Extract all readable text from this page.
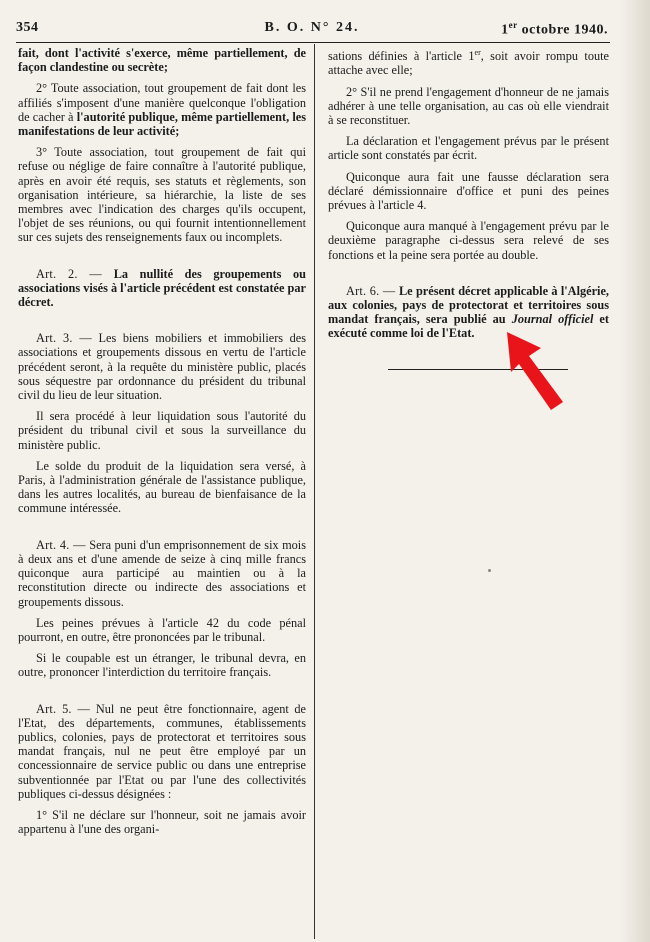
354	B. O. N° 24.	1er octobre 1940.

fait, dont l'activité s'exerce, même partiellement, de façon clandestine ou secrète;

2° Toute association, tout groupement de fait dont les affiliés s'imposent d'une manière quelconque l'obligation de cacher à l'autorité publique, même partiellement, les manifestations de leur activité;

3° Toute association, tout groupement de fait qui refuse ou néglige de faire connaître à l'autorité publique, après en avoir été requis, ses statuts et règlements, son organisation intérieure, sa hiérarchie, la liste de ses membres avec l'indication des charges qu'ils occupent, l'objet de ses réunions, ou qui fournit intentionnellement sur ces sujets des renseignements faux ou incomplets.

Art. 2. — La nullité des groupements ou associations visés à l'article précédent est constatée par décret.

Art. 3. — Les biens mobiliers et immobiliers des associations et groupements dissous en vertu de l'article précédent seront, à la requête du ministère public, placés sous séquestre par ordonnance du président du tribunal civil du lieu de leur situation.

Il sera procédé à leur liquidation sous l'autorité du président du tribunal civil et sous la surveillance du ministère public.

Le solde du produit de la liquidation sera versé, à Paris, à l'administration générale de l'assistance publique, dans les autres localités, au bureau de bienfaisance de la commune intéressée.

Art. 4. — Sera puni d'un emprisonnement de six mois à deux ans et d'une amende de seize à cinq mille francs quiconque aura participé au maintien ou à la reconstitution directe ou indirecte des associations et groupements dissous.

Les peines prévues à l'article 42 du code pénal pourront, en outre, être prononcées par le tribunal.

Si le coupable est un étranger, le tribunal devra, en outre, prononcer l'interdiction du territoire français.

Art. 5. — Nul ne peut être fonctionnaire, agent de l'Etat, des départements, communes, établissements publics, colonies, pays de protectorat et territoires sous mandat français, nul ne peut être employé par un concessionnaire de service public ou dans une entreprise subventionnée par l'Etat ou par l'une des collectivités publiques ci-dessus désignées :

1° S'il ne déclare sur l'honneur, soit ne jamais avoir appartenu à l'une des organi-

sations définies à l'article 1er, soit avoir rompu toute attache avec elle;

2° S'il ne prend l'engagement d'honneur de ne jamais adhérer à une telle organisation, au cas où elle viendrait à se reconstituer.

La déclaration et l'engagement prévus par le présent article sont constatés par écrit.

Quiconque aura fait une fausse déclaration sera déclaré démissionnaire d'office et puni des peines prévues à l'article 4.

Quiconque aura manqué à l'engagement prévu par le deuxième paragraphe ci-dessus sera relevé de ses fonctions et la peine sera portée au double.

Art. 6. — Le présent décret applicable à l'Algérie, aux colonies, pays de protectorat et territoires sous mandat français, sera publié au Journal officiel et exécuté comme loi de l'Etat.
